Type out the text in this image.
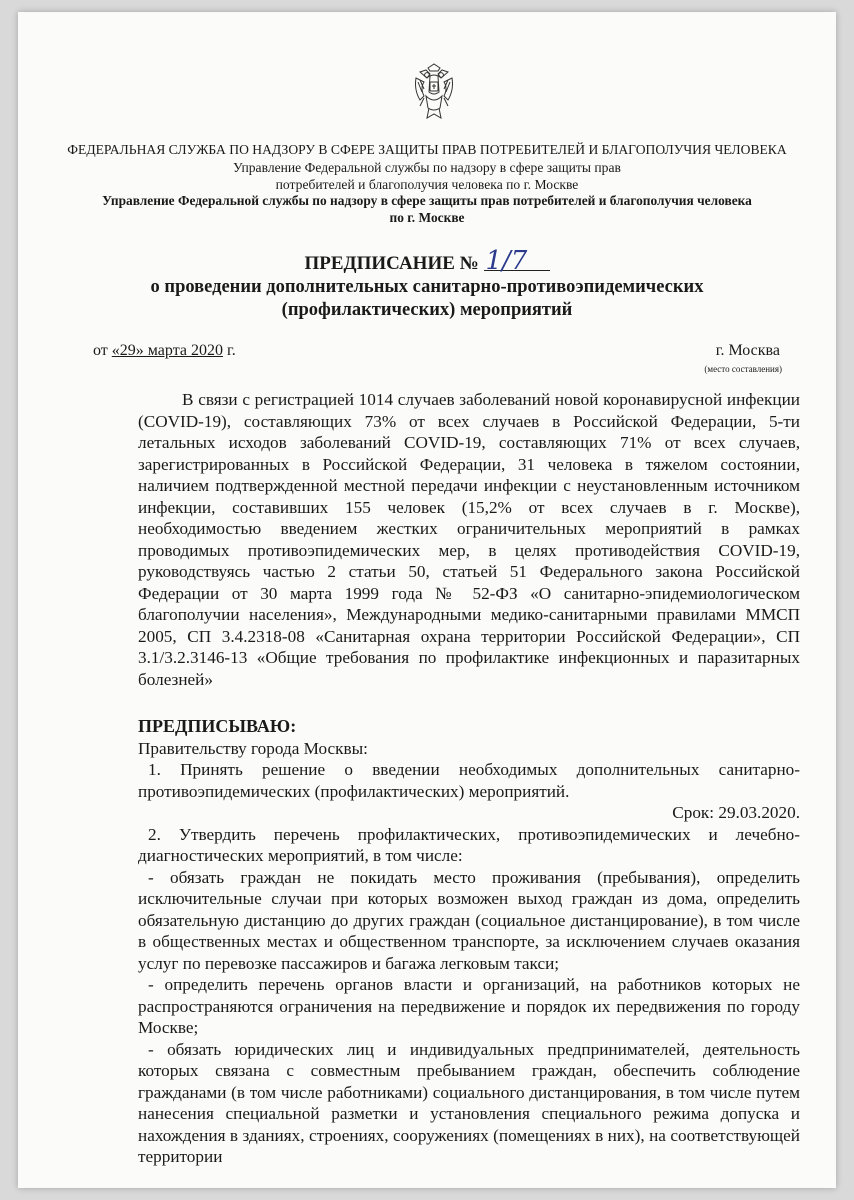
ФЕДЕРАЛЬНАЯ СЛУЖБА ПО НАДЗОРУ В СФЕРЕ ЗАЩИТЫ ПРАВ ПОТРЕБИТЕЛЕЙ И БЛАГОПОЛУЧИЯ ЧЕЛОВЕКА
Управление Федеральной службы по надзору в сфере защиты прав
потребителей и благополучия человека по г. Москве
Управление Федеральной службы по надзору в сфере защиты прав потребителей и благополучия человека
по г. Москве
ПРЕДПИСАНИЕ № 1/7
о проведении дополнительных санитарно-противоэпидемических
(профилактических) мероприятий
от «29» марта 2020 г.	г. Москва
(место составления)

В связи с регистрацией 1014 случаев заболеваний новой коронавирусной инфекции (COVID-19), составляющих 73% от всех случаев в Российской Федерации, 5-ти летальных исходов заболеваний COVID-19, составляющих 71% от всех случаев, зарегистрированных в Российской Федерации, 31 человека в тяжелом состоянии, наличием подтвержденной местной передачи инфекции с неустановленным источником инфекции, составивших 155 человек (15,2% от всех случаев в г. Москве), необходимостью введением жестких ограничительных мероприятий в рамках проводимых противоэпидемических мер, в целях противодействия COVID-19, руководствуясь частью 2 статьи 50, статьей 51 Федерального закона Российской Федерации от 30 марта 1999 года № 52-ФЗ «О санитарно-эпидемиологическом благополучии населения», Международными медико-санитарными правилами ММСП 2005, СП 3.4.2318-08 «Санитарная охрана территории Российской Федерации», СП 3.1/3.2.3146-13 «Общие требования по профилактике инфекционных и паразитарных болезней»

ПРЕДПИСЫВАЮ:

Правительству города Москвы:

1. Принять решение о введении необходимых дополнительных санитарно-противоэпидемических (профилактических) мероприятий.

Срок: 29.03.2020.

2. Утвердить перечень профилактических, противоэпидемических и лечебно-диагностических мероприятий, в том числе:

- обязать граждан не покидать место проживания (пребывания), определить исключительные случаи при которых возможен выход граждан из дома, определить обязательную дистанцию до других граждан (социальное дистанцирование), в том числе в общественных местах и общественном транспорте, за исключением случаев оказания услуг по перевозке пассажиров и багажа легковым такси;

- определить перечень органов власти и организаций, на работников которых не распространяются ограничения на передвижение и порядок их передвижения по городу Москве;

- обязать юридических лиц и индивидуальных предпринимателей, деятельность которых связана с совместным пребыванием граждан, обеспечить соблюдение гражданами (в том числе работниками) социального дистанцирования, в том числе путем нанесения специальной разметки и установления специального режима допуска и нахождения в зданиях, строениях, сооружениях (помещениях в них), на соответствующей территории
